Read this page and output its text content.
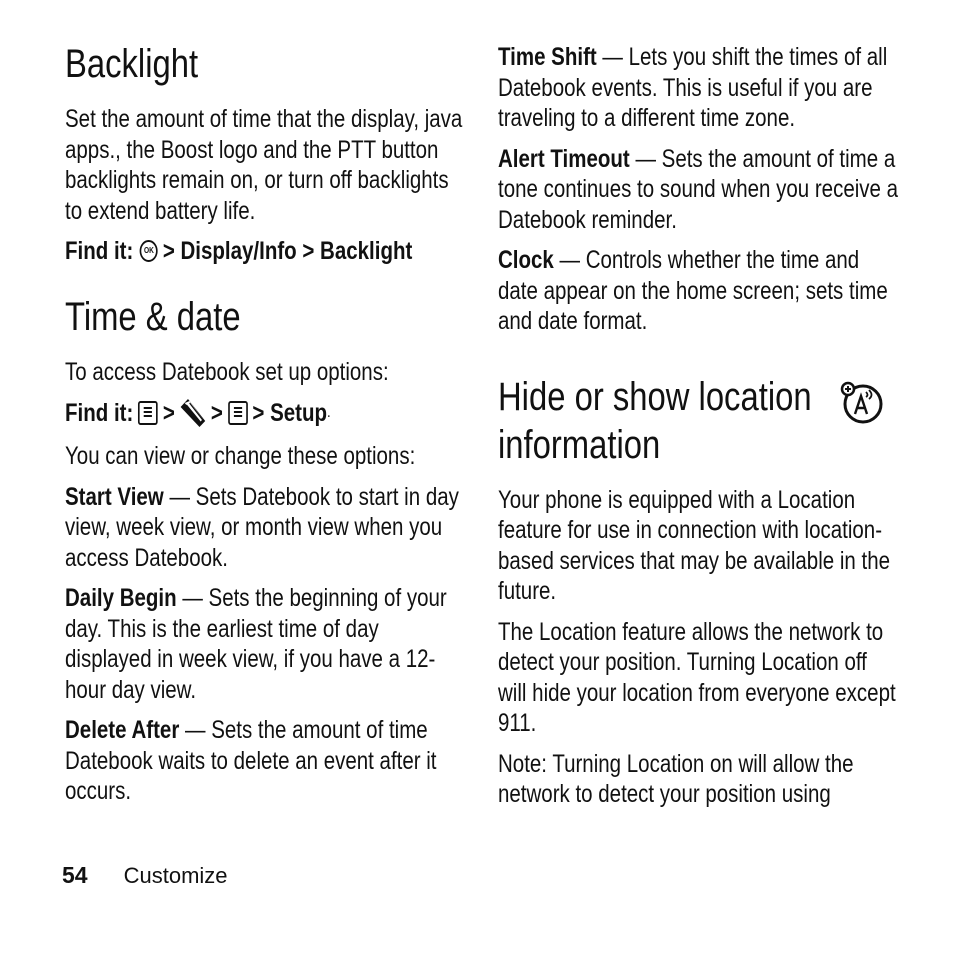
Backlight

Set the amount of time that the display, java apps., the Boost logo and the PTT button backlights remain on, or turn off backlights to extend battery life.

Find it:	OK > Display/Info > Backlight

Time & date

To access Datebook set up options:

Find it: > > > Setup .

You can view or change these options:

Start View — Sets Datebook to start in day view, week view, or month view when you access Datebook.

Daily Begin — Sets the beginning of your day. This is the earliest time of day displayed in week view, if you have a 12-hour day view.

Delete After — Sets the amount of time Datebook waits to delete an event after it occurs.

Time Shift — Lets you shift the times of all Datebook events. This is useful if you are traveling to a different time zone.

Alert Timeout — Sets the amount of time a tone continues to sound when you receive a Datebook reminder.

Clock — Controls whether the time and date appear on the home screen; sets time and date format.

Hide or show location information

Your phone is equipped with a Location feature for use in connection with location-based services that may be available in the future.

The Location feature allows the network to detect your position. Turning Location off will hide your location from everyone except 911.

Note: Turning Location on will allow the network to detect your position using

54 Customize
